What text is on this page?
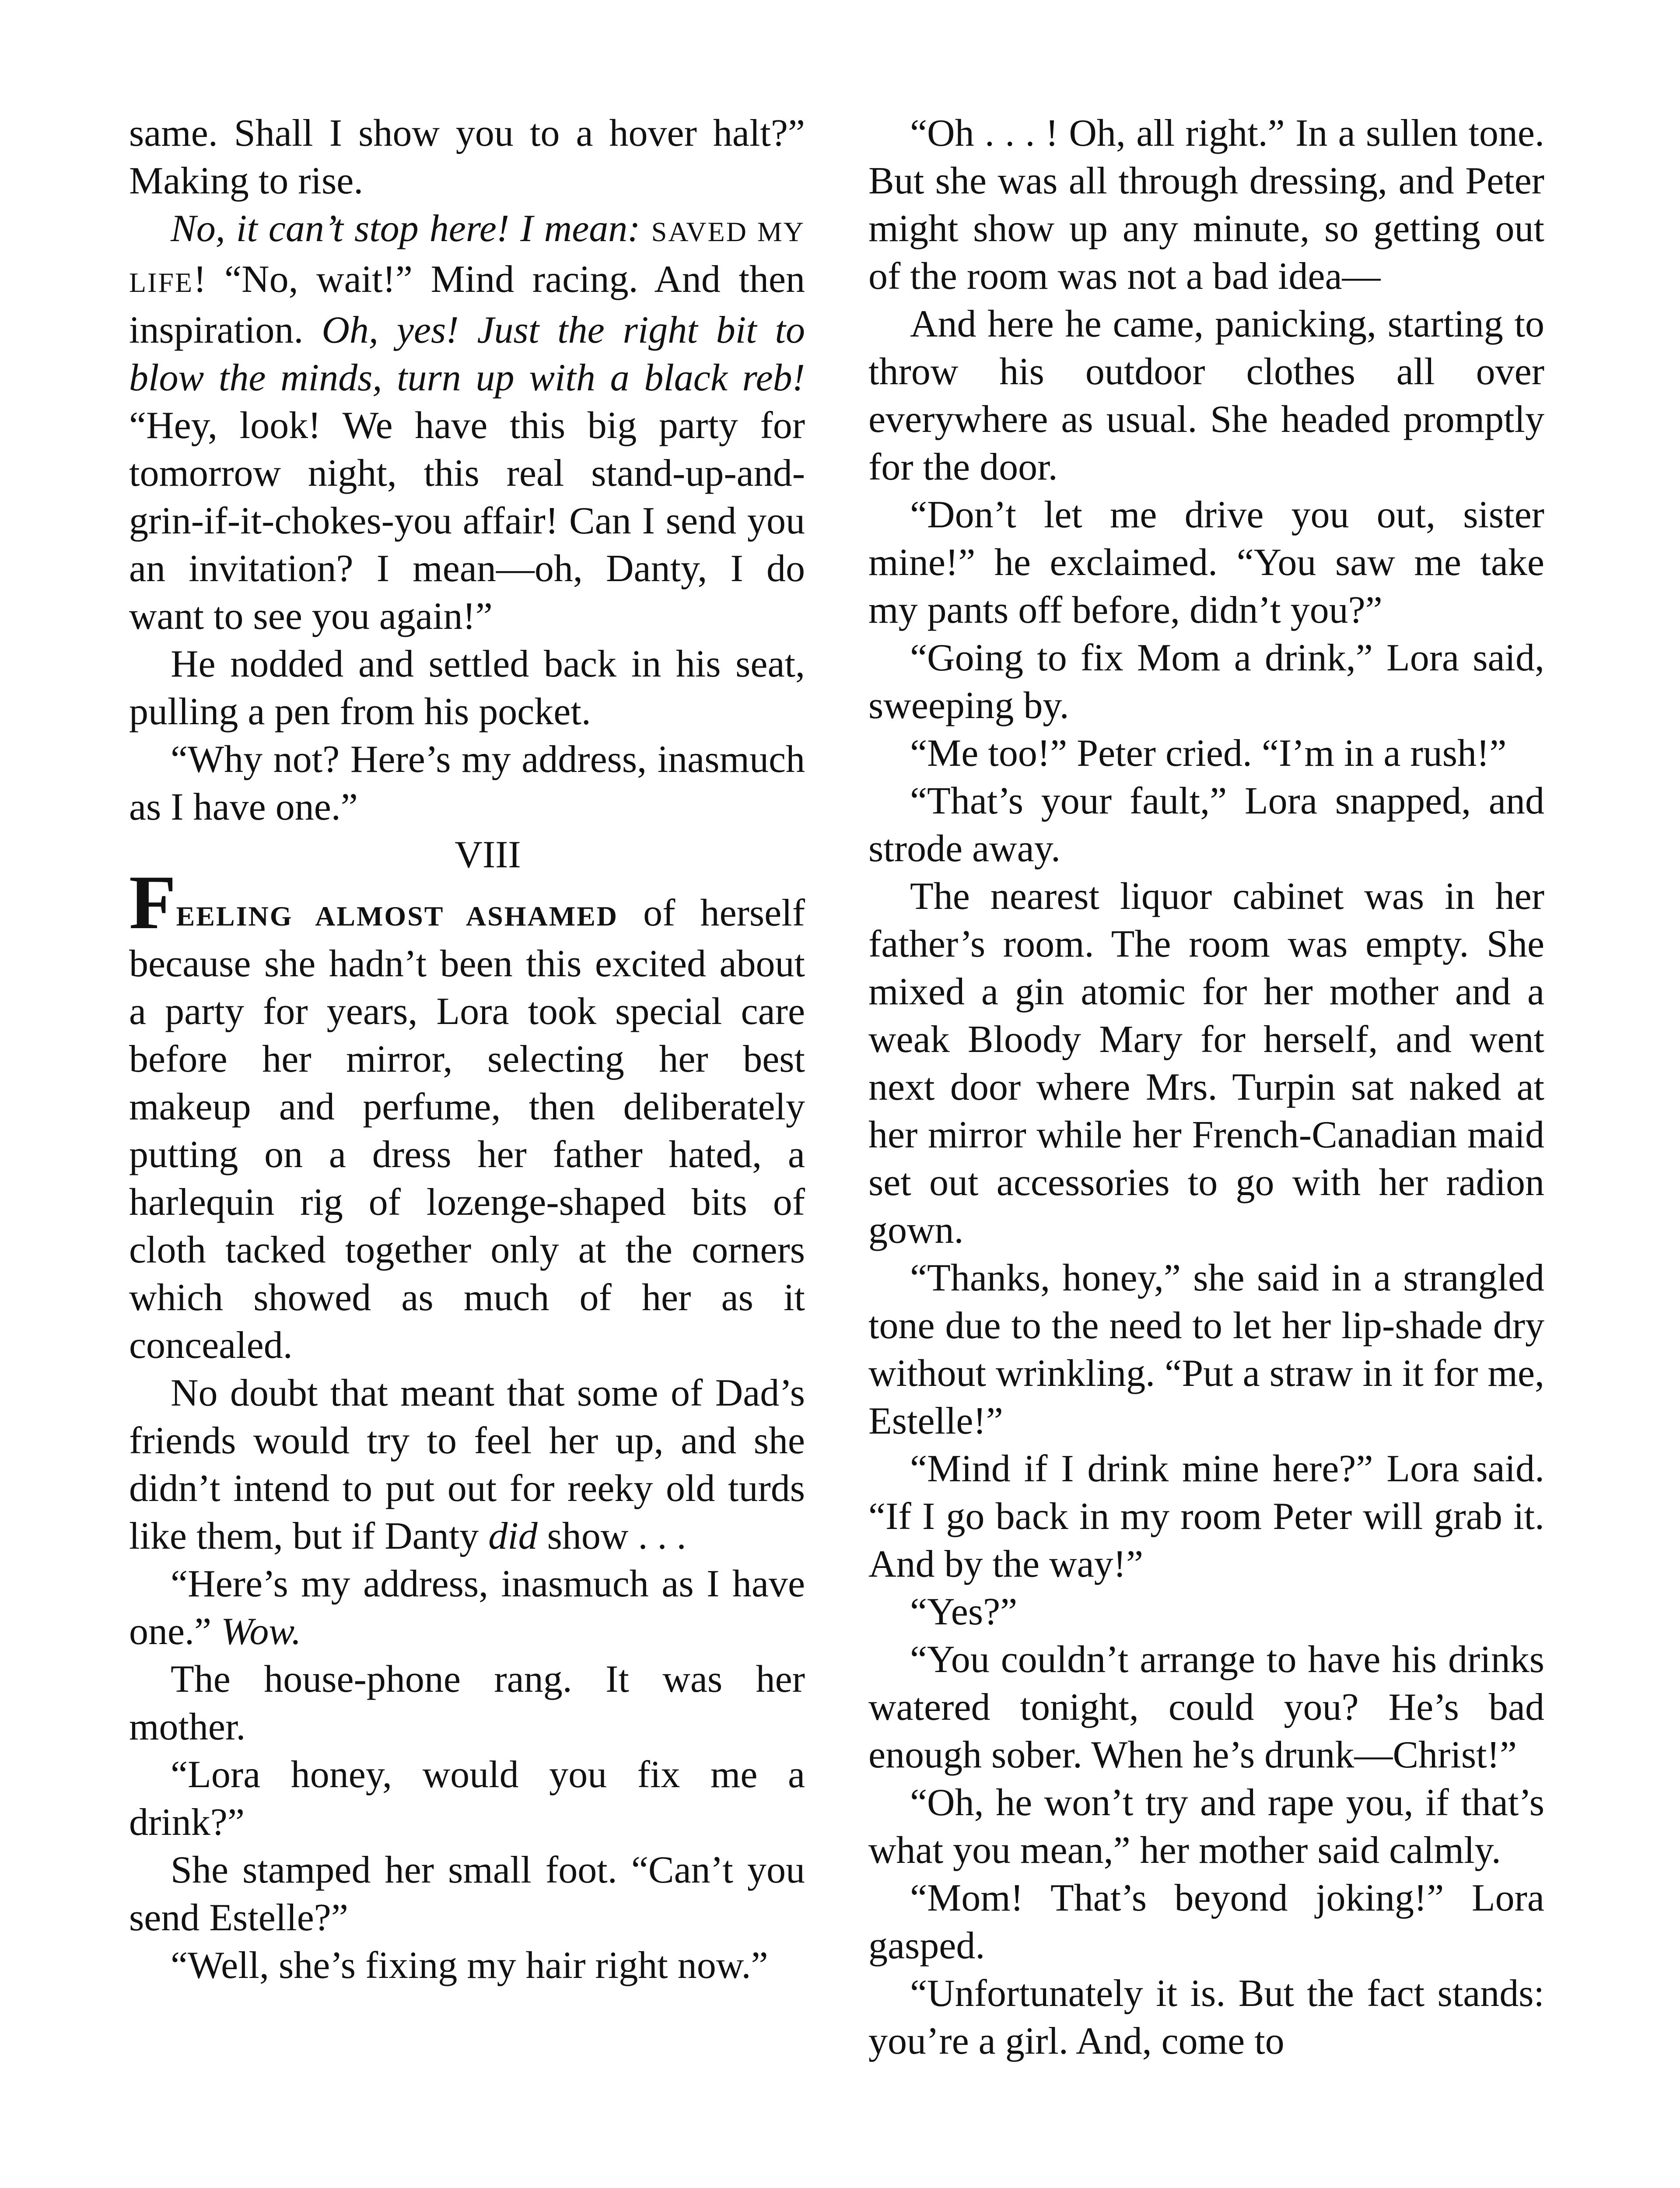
same. Shall I show you to a hover halt?” Making to rise.

No, it can’t stop here! I mean: SAVED MY LIFE! “No, wait!” Mind racing. And then inspiration. Oh, yes! Just the right bit to blow the minds, turn up with a black reb! “Hey, look! We have this big party for tomorrow night, this real stand-up-and-grin-if-it-chokes-you affair! Can I send you an invitation? I mean—oh, Danty, I do want to see you again!”

He nodded and settled back in his seat, pulling a pen from his pocket.

“Why not? Here’s my address, inasmuch as I have one.”

VIII

FEELING ALMOST ASHAMED of herself because she hadn’t been this excited about a party for years, Lora took special care before her mirror, selecting her best makeup and perfume, then deliberately putting on a dress her father hated, a harlequin rig of lozenge-shaped bits of cloth tacked together only at the corners which showed as much of her as it concealed.

No doubt that meant that some of Dad’s friends would try to feel her up, and she didn’t intend to put out for reeky old turds like them, but if Danty did show . . .

“Here’s my address, inasmuch as I have one.” Wow.

The house-phone rang. It was her mother.

“Lora honey, would you fix me a drink?”

She stamped her small foot. “Can’t you send Estelle?”

“Well, she’s fixing my hair right now.”

“Oh . . . ! Oh, all right.” In a sullen tone. But she was all through dressing, and Peter might show up any minute, so getting out of the room was not a bad idea—

And here he came, panicking, starting to throw his outdoor clothes all over everywhere as usual. She headed promptly for the door.

“Don’t let me drive you out, sister mine!” he exclaimed. “You saw me take my pants off before, didn’t you?”

“Going to fix Mom a drink,” Lora said, sweeping by.

“Me too!” Peter cried. “I’m in a rush!”

“That’s your fault,” Lora snapped, and strode away.

The nearest liquor cabinet was in her father’s room. The room was empty. She mixed a gin atomic for her mother and a weak Bloody Mary for herself, and went next door where Mrs. Turpin sat naked at her mirror while her French-Canadian maid set out accessories to go with her radion gown.

“Thanks, honey,” she said in a strangled tone due to the need to let her lip-shade dry without wrinkling. “Put a straw in it for me, Estelle!”

“Mind if I drink mine here?” Lora said. “If I go back in my room Peter will grab it. And by the way!”

“Yes?”

“You couldn’t arrange to have his drinks watered tonight, could you? He’s bad enough sober. When he’s drunk—Christ!”

“Oh, he won’t try and rape you, if that’s what you mean,” her mother said calmly.

“Mom! That’s beyond joking!” Lora gasped.

“Unfortunately it is. But the fact stands: you’re a girl. And, come to
